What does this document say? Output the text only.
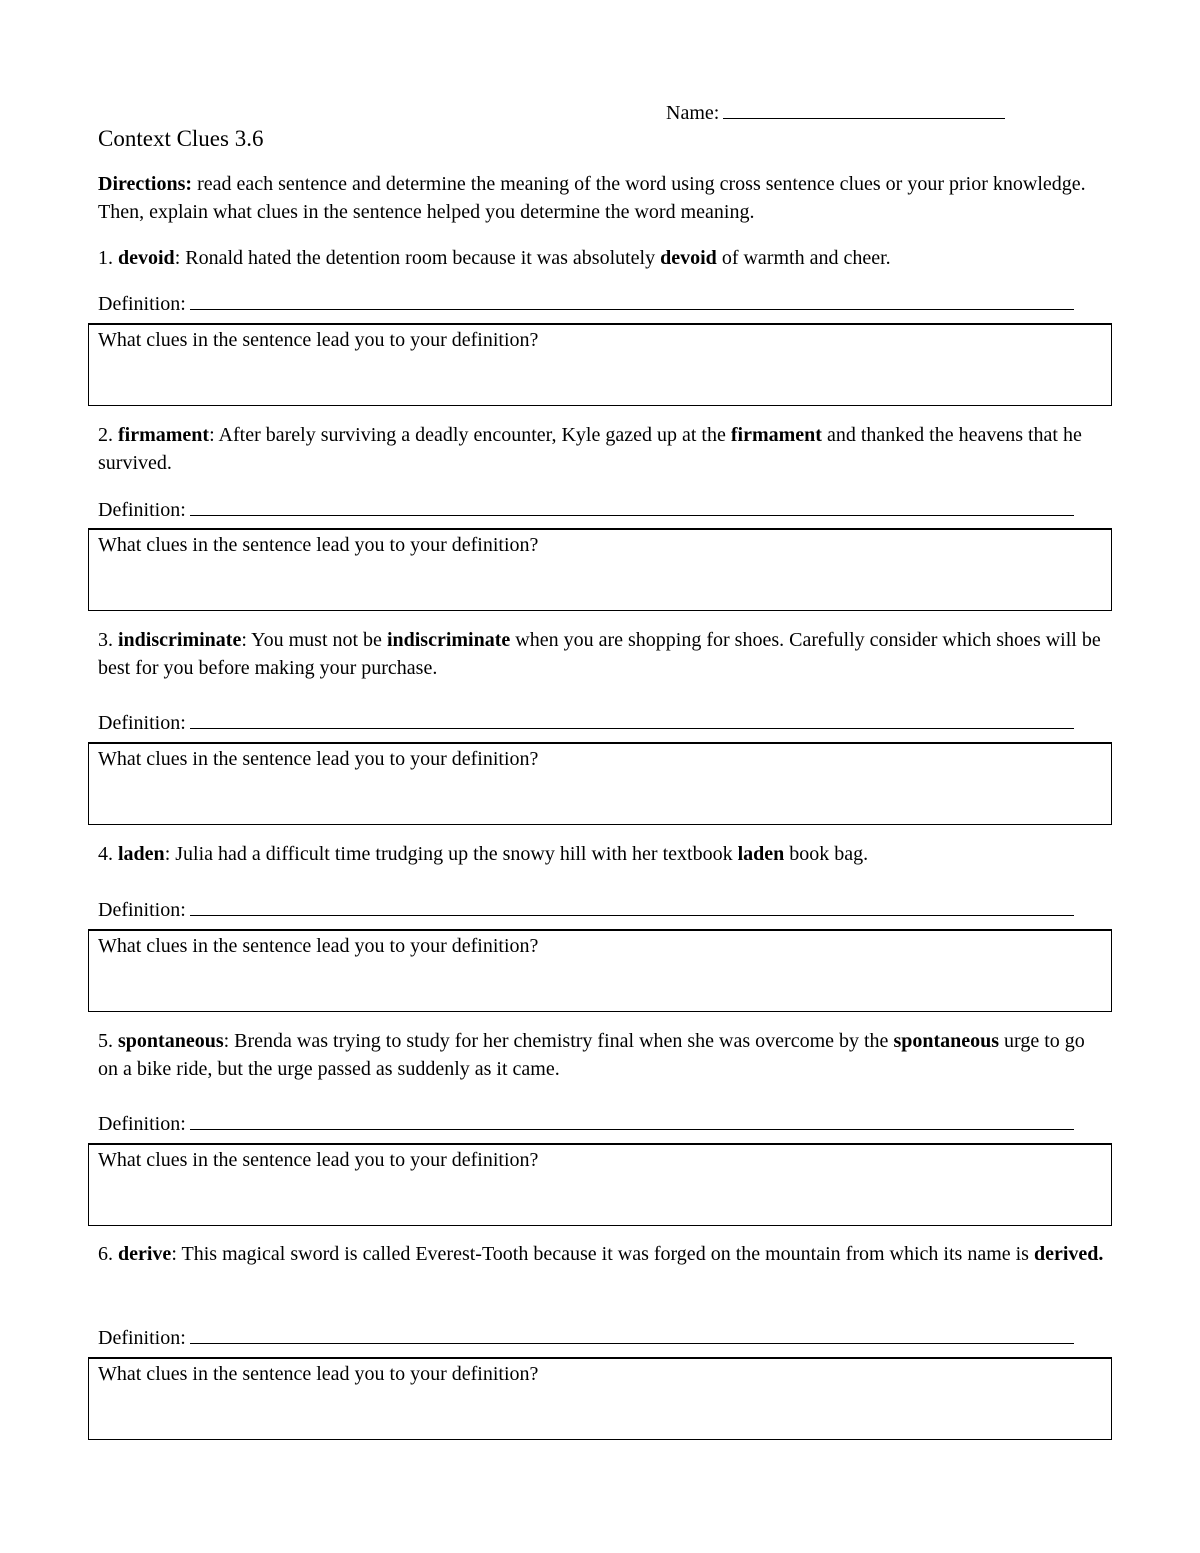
Name:
Context Clues 3.6
Directions: read each sentence and determine the meaning of the word using cross sentence clues or your prior knowledge. Then, explain what clues in the sentence helped you determine the word meaning.
1. devoid: Ronald hated the detention room because it was absolutely devoid of warmth and cheer.
Definition:
What clues in the sentence lead you to your definition?
2. firmament: After barely surviving a deadly encounter, Kyle gazed up at the firmament and thanked the heavens that he survived.
Definition:
What clues in the sentence lead you to your definition?
3. indiscriminate: You must not be indiscriminate when you are shopping for shoes. Carefully consider which shoes will be best for you before making your purchase.
Definition:
What clues in the sentence lead you to your definition?
4. laden: Julia had a difficult time trudging up the snowy hill with her textbook laden book bag.
Definition:
What clues in the sentence lead you to your definition?
5. spontaneous: Brenda was trying to study for her chemistry final when she was overcome by the spontaneous urge to go on a bike ride, but the urge passed as suddenly as it came.
Definition:
What clues in the sentence lead you to your definition?
6. derive: This magical sword is called Everest-Tooth because it was forged on the mountain from which its name is derived.
Definition:
What clues in the sentence lead you to your definition?
